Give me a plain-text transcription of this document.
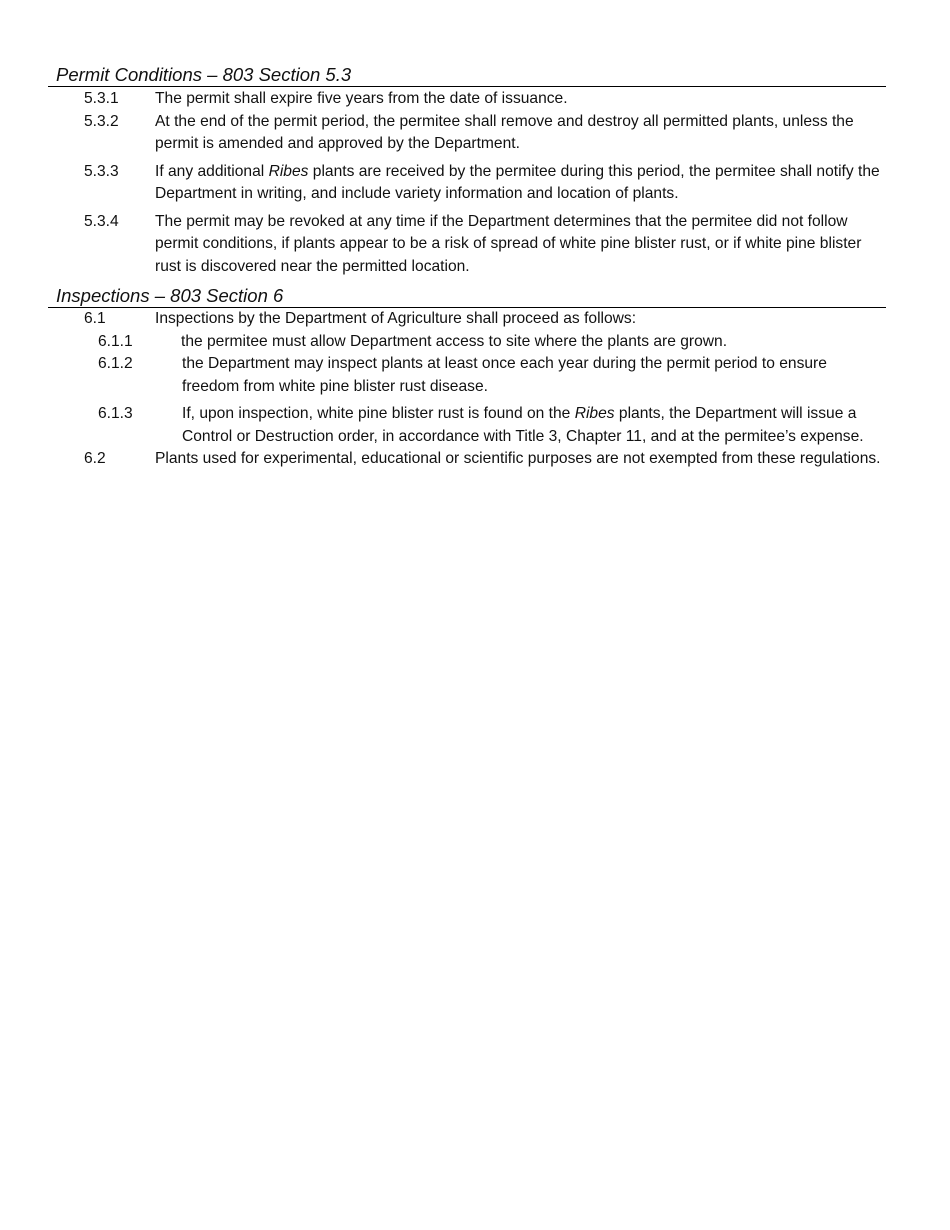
Permit Conditions – 803 Section 5.3
5.3.1 The permit shall expire five years from the date of issuance.
5.3.2 At the end of the permit period, the permitee shall remove and destroy all permitted plants, unless the permit is amended and approved by the Department.
5.3.3 If any additional Ribes plants are received by the permitee during this period, the permitee shall notify the Department in writing, and include variety information and location of plants.
5.3.4 The permit may be revoked at any time if the Department determines that the permitee did not follow permit conditions, if plants appear to be a risk of spread of white pine blister rust, or if white pine blister rust is discovered near the permitted location.
Inspections – 803 Section 6
6.1	Inspections by the Department of Agriculture shall proceed as follows:
6.1.1	the permitee must allow Department access to site where the plants are grown.
6.1.2	the Department may inspect plants at least once each year during the permit period to ensure freedom from white pine blister rust disease.
6.1.3	If, upon inspection, white pine blister rust is found on the Ribes plants, the Department will issue a Control or Destruction order, in accordance with Title 3, Chapter 11, and at the permitee’s expense.
6.2	Plants used for experimental, educational or scientific purposes are not exempted from these regulations.
